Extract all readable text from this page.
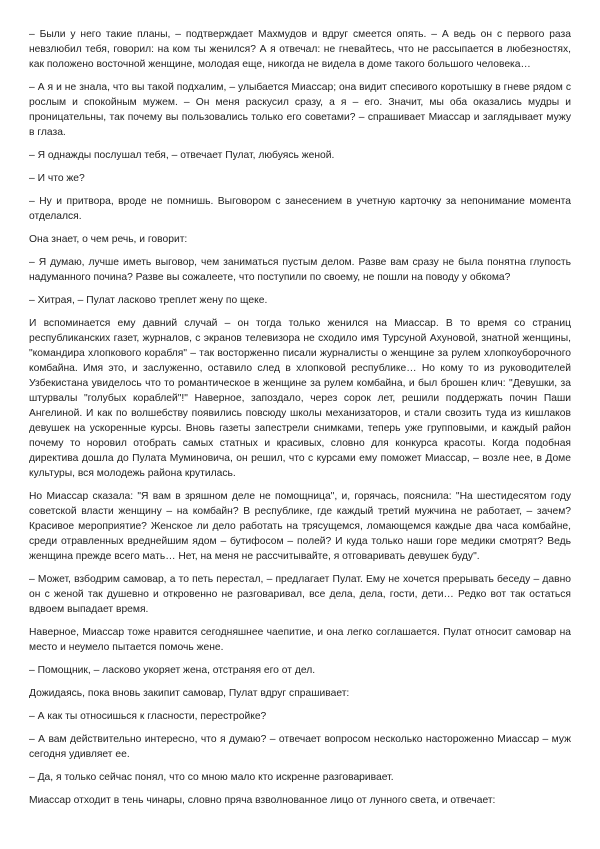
– Были у него такие планы, – подтверждает Махмудов и вдруг смеется опять. – А ведь он с первого раза невзлюбил тебя, говорил: на ком ты женился? А я отвечал: не гневайтесь, что не рассыпается в любезностях, как положено восточной женщине, молодая еще, никогда не видела в доме такого большого человека…

– А я и не знала, что вы такой подхалим, – улыбается Миассар; она видит спесивого коротышку в гневе рядом с рослым и спокойным мужем. – Он меня раскусил сразу, а я – его. Значит, мы оба оказались мудры и проницательны, так почему вы пользовались только его советами? – спрашивает Миассар и заглядывает мужу в глаза.

– Я однажды послушал тебя, – отвечает Пулат, любуясь женой.

– И что же?

– Ну и притвора, вроде не помнишь. Выговором с занесением в учетную карточку за непонимание момента отделался.

Она знает, о чем речь, и говорит:

– Я думаю, лучше иметь выговор, чем заниматься пустым делом. Разве вам сразу не была понятна глупость надуманного почина? Разве вы сожалеете, что поступили по своему, не пошли на поводу у обкома?

– Хитрая, – Пулат ласково треплет жену по щеке.

И вспоминается ему давний случай – он тогда только женился на Миассар. В то время со страниц республиканских газет, журналов, с экранов телевизора не сходило имя Турсуной Ахуновой, знатной женщины, "командира хлопкового корабля" – так восторженно писали журналисты о женщине за рулем хлопкоуборочного комбайна. Имя это, и заслуженно, оставило след в хлопковой республике… Но кому то из руководителей Узбекистана увиделось что то романтическое в женщине за рулем комбайна, и был брошен клич: "Девушки, за штурвалы "голубых кораблей"!" Наверное, запоздало, через сорок лет, решили поддержать почин Паши Ангелиной. И как по волшебству появились повсюду школы механизаторов, и стали свозить туда из кишлаков девушек на ускоренные курсы. Вновь газеты запестрели снимками, теперь уже групповыми, и каждый район почему то норовил отобрать самых статных и красивых, словно для конкурса красоты. Когда подобная директива дошла до Пулата Муминовича, он решил, что с курсами ему поможет Миассар, – возле нее, в Доме культуры, вся молодежь района крутилась.

Но Миассар сказала: "Я вам в зряшном деле не помощница", и, горячась, пояснила: "На шестидесятом году советской власти женщину – на комбайн? В республике, где каждый третий мужчина не работает, – зачем? Красивое мероприятие? Женское ли дело работать на трясущемся, ломающемся каждые два часа комбайне, среди отравленных вреднейшим ядом – бутифосом – полей? И куда только наши горе медики смотрят? Ведь женщина прежде всего мать… Нет, на меня не рассчитывайте, я отговаривать девушек буду".

– Может, взбодрим самовар, а то петь перестал, – предлагает Пулат. Ему не хочется прерывать беседу – давно он с женой так душевно и откровенно не разговаривал, все дела, дела, гости, дети… Редко вот так остаться вдвоем выпадает время.

Наверное, Миассар тоже нравится сегодняшнее чаепитие, и она легко соглашается. Пулат относит самовар на место и неумело пытается помочь жене.

– Помощник, – ласково укоряет жена, отстраняя его от дел.

Дожидаясь, пока вновь закипит самовар, Пулат вдруг спрашивает:

– А как ты относишься к гласности, перестройке?

– А вам действительно интересно, что я думаю? – отвечает вопросом несколько настороженно Миассар – муж сегодня удивляет ее.

– Да, я только сейчас понял, что со мною мало кто искренне разговаривает.

Миассар отходит в тень чинары, словно пряча взволнованное лицо от лунного света, и отвечает:
